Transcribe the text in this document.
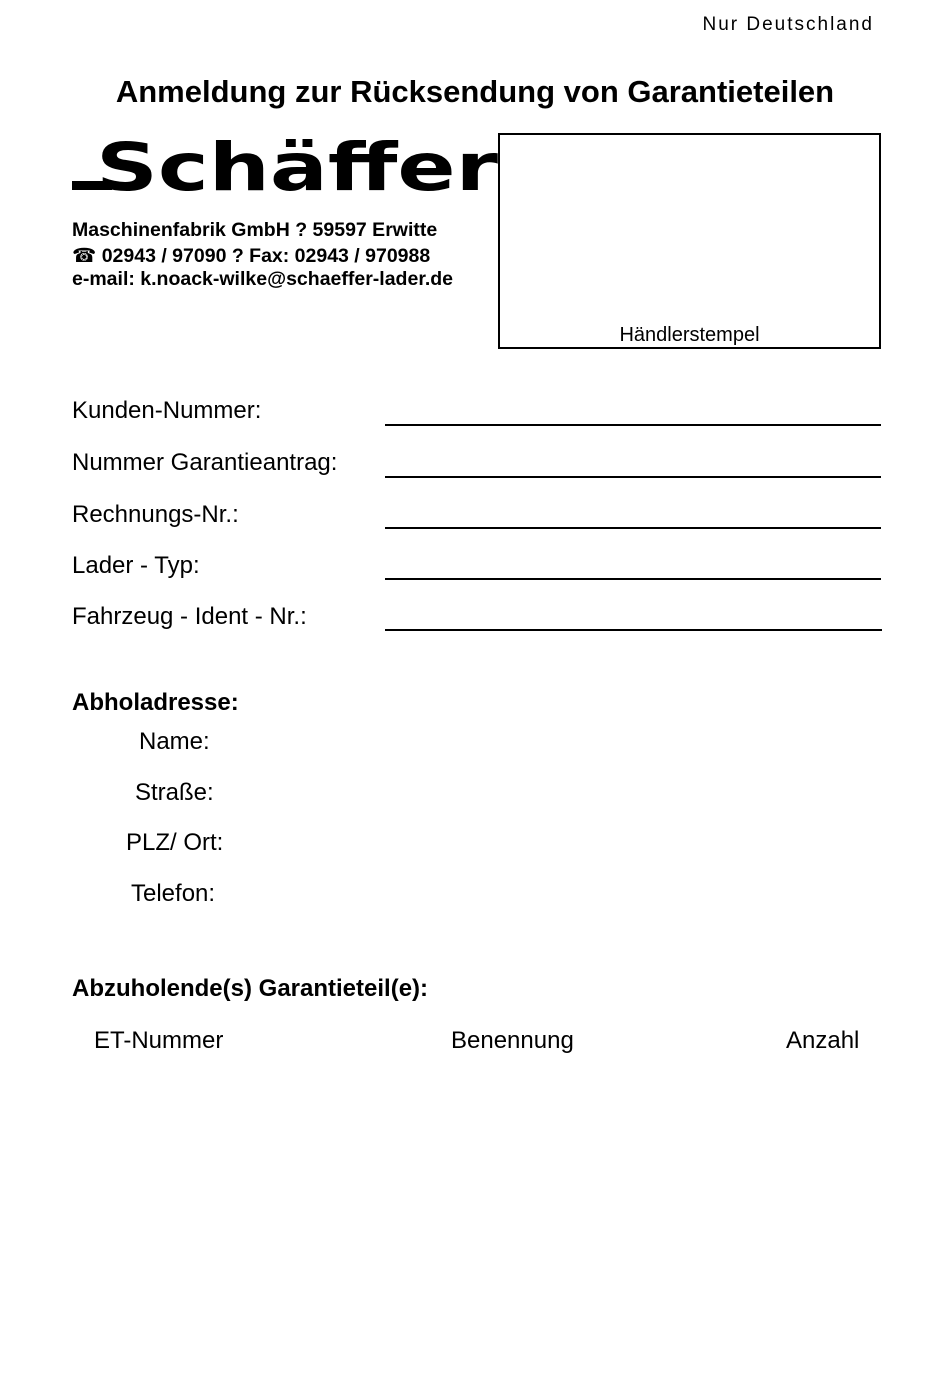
Nur Deutschland
Anmeldung zur Rücksendung von Garantieteilen
Schäffer
Maschinenfabrik GmbH ? 59597 Erwitte
☎ 02943 / 97090 ? Fax: 02943 / 970988
e-mail: k.noack-wilke@schaeffer-lader.de
Händlerstempel
Kunden-Nummer:
Nummer Garantieantrag:
Rechnungs-Nr.:
Lader - Typ:
Fahrzeug - Ident - Nr.:
Abholadresse:
Name:
Straße:
PLZ/ Ort:
Telefon:
Abzuholende(s) Garantieteil(e):
ET-Nummer	Benennung	Anzahl
